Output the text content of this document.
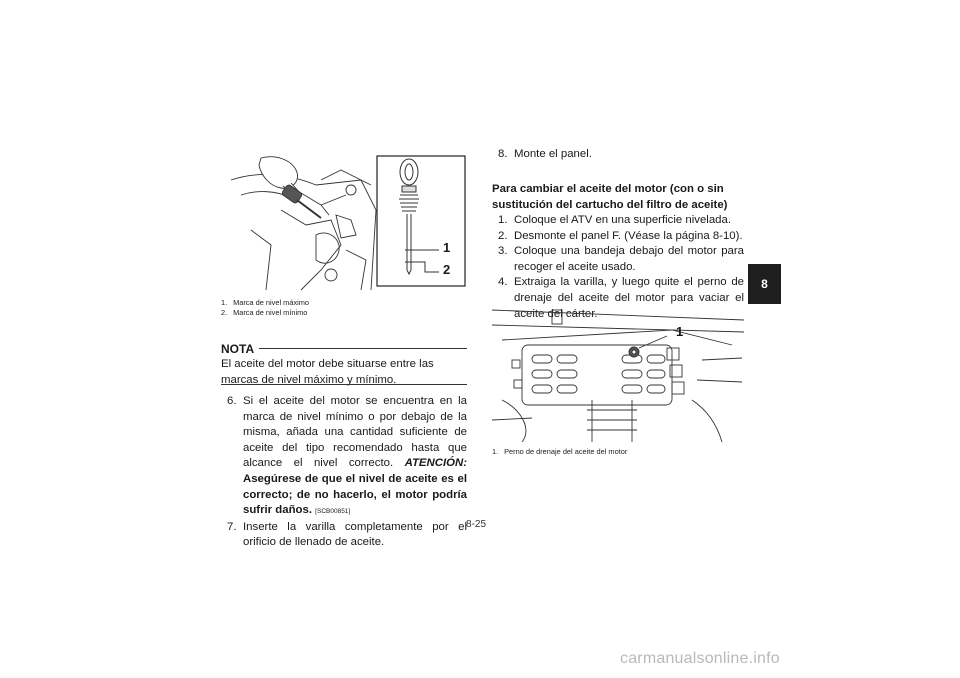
1
2
1. Marca de nivel máximo
2. Marca de nivel mínimo
NOTA
El aceite del motor debe situarse entre las marcas de nivel máximo y mínimo.
6. Si el aceite del motor se encuentra en la marca de nivel mínimo o por debajo de la misma, añada una cantidad suficiente de aceite del tipo recomendado hasta que alcance el nivel correcto. ATENCIÓN: Asegúrese de que el nivel de aceite es el correcto; de no hacerlo, el motor podría sufrir daños. [SCB00851]
7. Inserte la varilla completamente por el orificio de llenado de aceite.
8. Monte el panel.
Para cambiar el aceite del motor (con o sin sustitución del cartucho del filtro de aceite)
1. Coloque el ATV en una superficie nivelada.
2. Desmonte el panel F. (Véase la página 8-10).
3. Coloque una bandeja debajo del motor para recoger el aceite usado.
4. Extraiga la varilla, y luego quite el perno de drenaje del aceite del motor para vaciar el aceite del cárter.
1
1. Perno de drenaje del aceite del motor
8
8-25
carmanualsonline.info
